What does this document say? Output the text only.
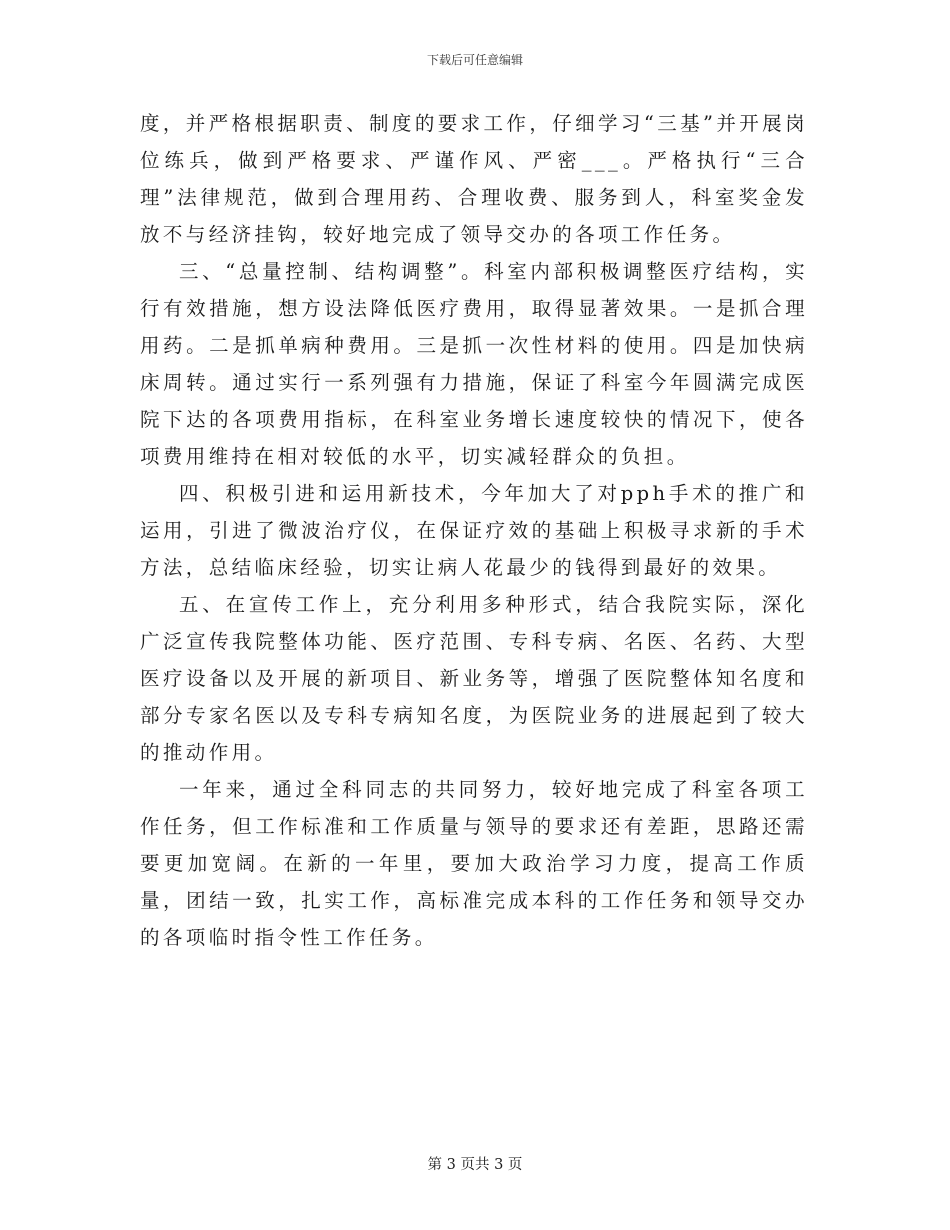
下载后可任意编辑

度，并严格根据职责、制度的要求工作，仔细学习“三基”并开展岗位练兵，做到严格要求、严谨作风、严密___。严格执行“三合理”法律规范，做到合理用药、合理收费、服务到人，科室奖金发放不与经济挂钩，较好地完成了领导交办的各项工作任务。

三、“总量控制、结构调整”。科室内部积极调整医疗结构，实行有效措施，想方设法降低医疗费用，取得显著效果。一是抓合理用药。二是抓单病种费用。三是抓一次性材料的使用。四是加快病床周转。通过实行一系列强有力措施，保证了科室今年圆满完成医院下达的各项费用指标，在科室业务增长速度较快的情况下，使各项费用维持在相对较低的水平，切实减轻群众的负担。

四、积极引进和运用新技术，今年加大了对pph手术的推广和运用，引进了微波治疗仪，在保证疗效的基础上积极寻求新的手术方法，总结临床经验，切实让病人花最少的钱得到最好的效果。

五、在宣传工作上，充分利用多种形式，结合我院实际，深化广泛宣传我院整体功能、医疗范围、专科专病、名医、名药、大型医疗设备以及开展的新项目、新业务等，增强了医院整体知名度和部分专家名医以及专科专病知名度，为医院业务的进展起到了较大的推动作用。

一年来，通过全科同志的共同努力，较好地完成了科室各项工作任务，但工作标准和工作质量与领导的要求还有差距，思路还需要更加宽阔。在新的一年里，要加大政治学习力度，提高工作质量，团结一致，扎实工作，高标准完成本科的工作任务和领导交办的各项临时指令性工作任务。

第 3 页共 3 页
